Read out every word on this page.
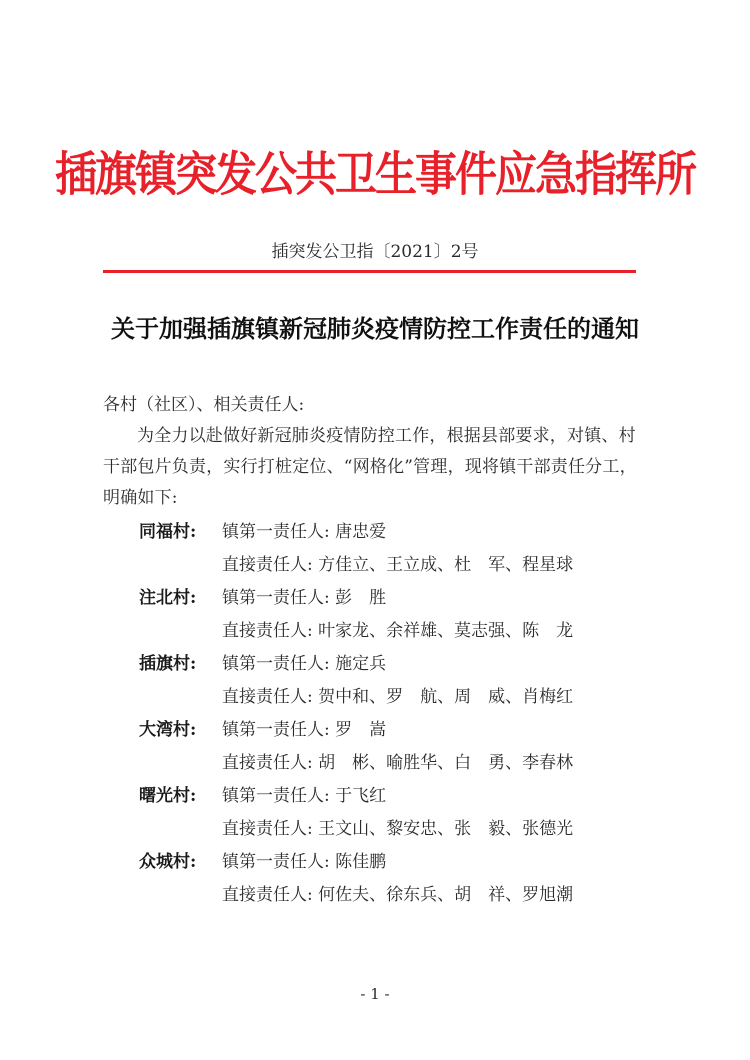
插旗镇突发公共卫生事件应急指挥所
插突发公卫指〔2021〕2号
关于加强插旗镇新冠肺炎疫情防控工作责任的通知
各村（社区）、相关责任人:
为全力以赴做好新冠肺炎疫情防控工作，根据县部要求，对镇、村干部包片负责，实行打桩定位、“网格化”管理，现将镇干部责任分工，明确如下:
同福村: 镇第一责任人: 唐忠爱
直接责任人: 方佳立、王立成、杜　军、程星球
注北村: 镇第一责任人: 彭　胜
直接责任人: 叶家龙、余祥雄、莫志强、陈　龙
插旗村: 镇第一责任人: 施定兵
直接责任人: 贺中和、罗　航、周　威、肖梅红
大湾村: 镇第一责任人: 罗　嵩
直接责任人: 胡　彬、喻胜华、白　勇、李春林
曙光村: 镇第一责任人: 于飞红
直接责任人: 王文山、黎安忠、张　毅、张德光
众城村: 镇第一责任人: 陈佳鹏
直接责任人: 何佐夫、徐东兵、胡　祥、罗旭潮
- 1 -
